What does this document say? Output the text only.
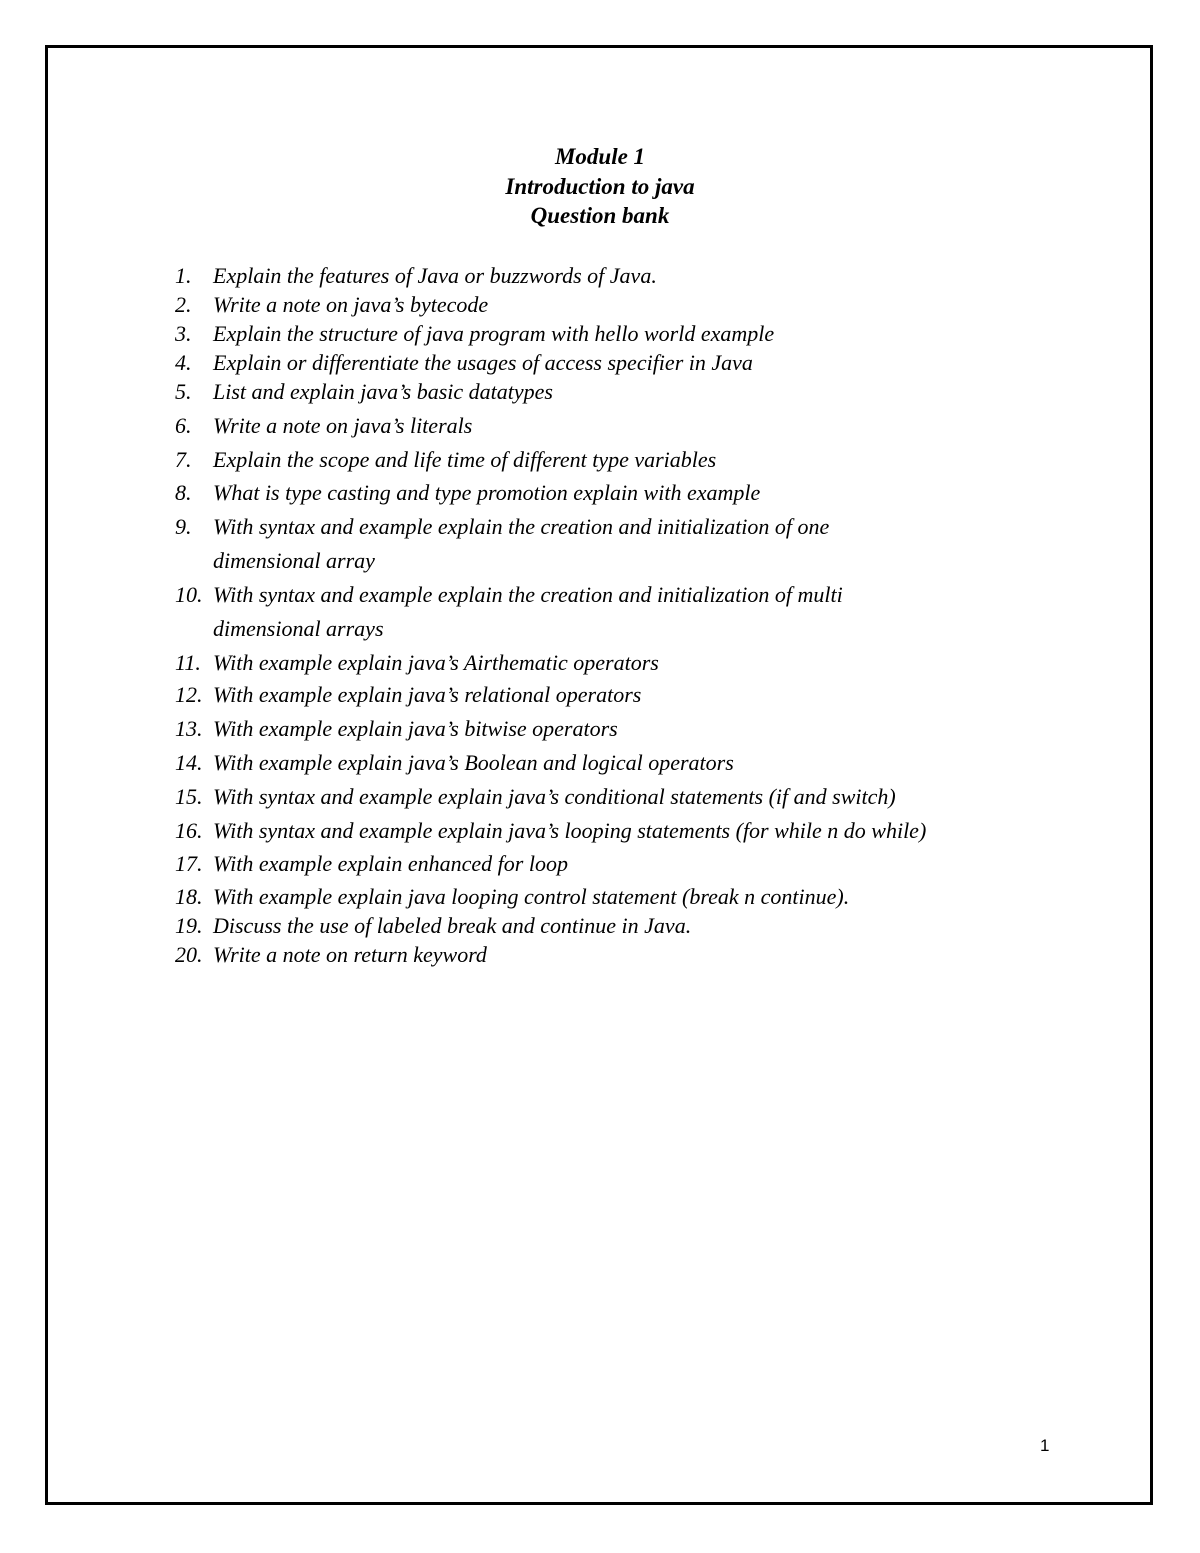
Module 1
Introduction to java
Question bank
1. Explain the features of Java or buzzwords of Java.
2. Write a note on java’s bytecode
3. Explain the structure of java program with hello world example
4. Explain or differentiate the usages of access specifier in Java
5. List and explain java’s basic datatypes
6. Write a note on java’s literals
7. Explain the scope and life time of different type variables
8. What is type casting and type promotion explain with example
9. With syntax and example explain the creation and initialization of one
dimensional array
10. With syntax and example explain the creation and initialization of multi
dimensional arrays
11. With example explain java’s Airthematic operators
12. With example explain java’s relational operators
13. With example explain java’s bitwise operators
14. With example explain java’s Boolean and logical operators
15. With syntax and example explain java’s conditional statements (if and switch)
16. With syntax and example explain java’s looping statements (for while n do while)
17. With example explain enhanced for loop
18. With example explain java looping control statement (break n continue).
19. Discuss the use of labeled break and continue in Java.
20. Write a note on return keyword
1
